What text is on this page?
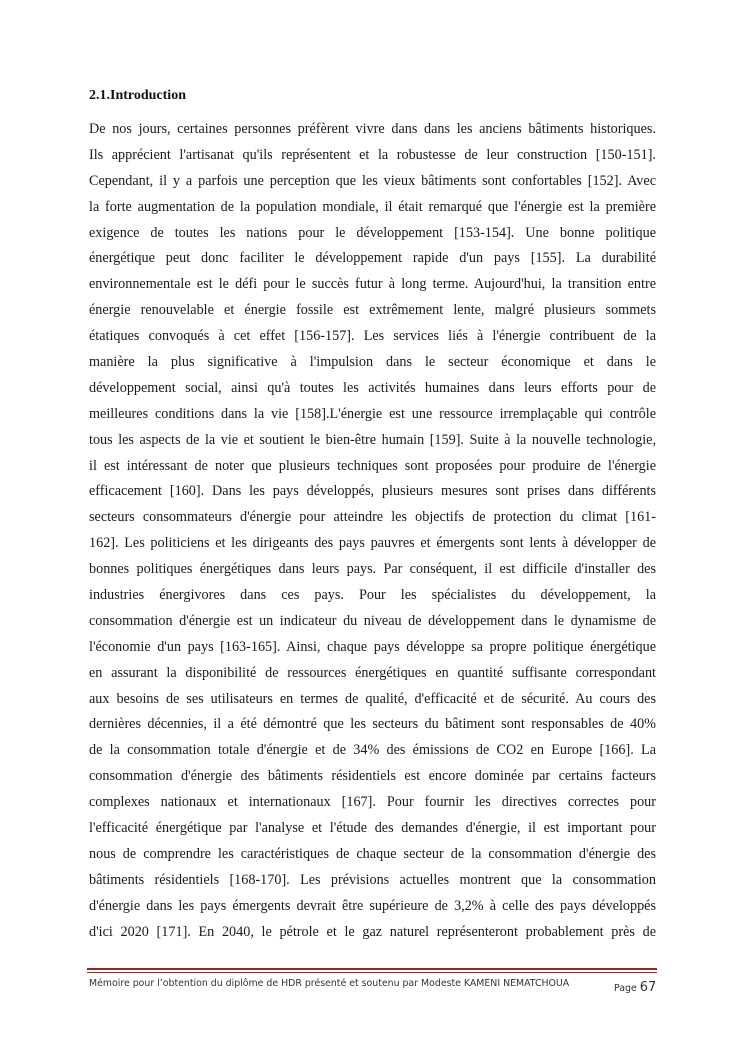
2.1.Introduction
De nos jours, certaines personnes préfèrent vivre dans dans les anciens bâtiments historiques.
Ils apprécient l'artisanat qu'ils représentent et la robustesse de leur construction [150-151].
Cependant, il y a parfois une perception que les vieux bâtiments sont confortables [152]. Avec
la forte augmentation de la population mondiale, il était remarqué que l'énergie est la première
exigence de toutes les nations pour le développement [153-154]. Une bonne politique
énergétique peut donc faciliter le développement rapide d'un pays [155]. La durabilité
environnementale est le défi pour le succès futur à long terme. Aujourd'hui, la transition entre
énergie renouvelable et énergie fossile est extrêmement lente, malgré plusieurs sommets
étatiques convoqués à cet effet [156-157]. Les services liés à l'énergie contribuent de la
manière la plus significative à l'impulsion dans le secteur économique et dans le
développement social, ainsi qu'à toutes les activités humaines dans leurs efforts pour de
meilleures conditions dans la vie [158].L'énergie est une ressource irremplaçable qui contrôle
tous les aspects de la vie et soutient le bien-être humain [159]. Suite à la nouvelle technologie,
il est intéressant de noter que plusieurs techniques sont proposées pour produire de l'énergie
efficacement [160]. Dans les pays développés, plusieurs mesures sont prises dans différents
secteurs consommateurs d'énergie pour atteindre les objectifs de protection du climat [161-
162]. Les politiciens et les dirigeants des pays pauvres et émergents sont lents à développer de
bonnes politiques énergétiques dans leurs pays. Par conséquent, il est difficile d'installer des
industries énergivores dans ces pays. Pour les spécialistes du développement, la
consommation d'énergie est un indicateur du niveau de développement dans le dynamisme de
l'économie d'un pays [163-165]. Ainsi, chaque pays développe sa propre politique énergétique
en assurant la disponibilité de ressources énergétiques en quantité suffisante correspondant
aux besoins de ses utilisateurs en termes de qualité, d'efficacité et de sécurité. Au cours des
dernières décennies, il a été démontré que les secteurs du bâtiment sont responsables de 40%
de la consommation totale d'énergie et de 34% des émissions de CO2 en Europe [166]. La
consommation d'énergie des bâtiments résidentiels est encore dominée par certains facteurs
complexes nationaux et internationaux [167]. Pour fournir les directives correctes pour
l'efficacité énergétique par l'analyse et l'étude des demandes d'énergie, il est important pour
nous de comprendre les caractéristiques de chaque secteur de la consommation d'énergie des
bâtiments résidentiels [168-170]. Les prévisions actuelles montrent que la consommation
d'énergie dans les pays émergents devrait être supérieure de 3,2% à celle des pays développés
d'ici 2020 [171]. En 2040, le pétrole et le gaz naturel représenteront probablement près de
Mémoire pour l’obtention du diplôme de HDR présenté et soutenu par Modeste KAMENI NEMATCHOUA	Page 67
